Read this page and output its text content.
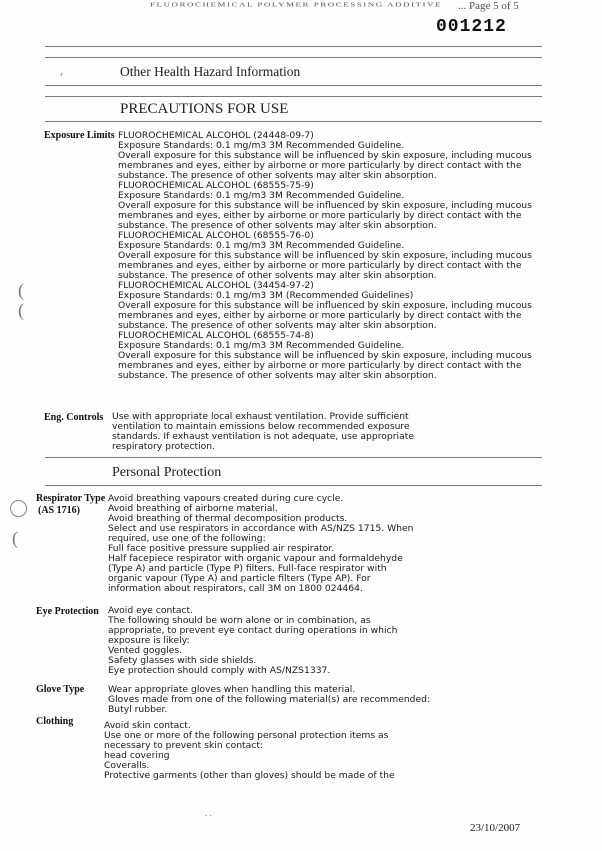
FLUOROCHEMICAL POLYMER PROCESSING ADDITIVE	... Page 5 of 5
001212
,	Other Health Hazard Information
PRECAUTIONS FOR USE
Exposure Limits FLUOROCHEMICAL ALCOHOL (24448-09-7)
Exposure Standards: 0.1 mg/m3 3M Recommended Guideline.
Overall exposure for this substance will be influenced by skin exposure, including mucous
membranes and eyes, either by airborne or more particularly by direct contact with the
substance. The presence of other solvents may alter skin absorption.
FLUOROCHEMICAL ALCOHOL (68555-75-9)
Exposure Standards: 0.1 mg/m3 3M Recommended Guideline.
Overall exposure for this substance will be influenced by skin exposure, including mucous
membranes and eyes, either by airborne or more particularly by direct contact with the
substance. The presence of other solvents may alter skin absorption.
FLUOROCHEMICAL ALCOHOL (68555-76-0)
Exposure Standards: 0.1 mg/m3 3M Recommended Guideline.
Overall exposure for this substance will be influenced by skin exposure, including mucous
membranes and eyes, either by airborne or more particularly by direct contact with the
substance. The presence of other solvents may alter skin absorption.
FLUOROCHEMICAL ALCOHOL (34454-97-2)
Exposure Standards: 0.1 mg/m3 3M (Recommended Guidelines)
Overall exposure for this substance will be influenced by skin exposure, including mucous
membranes and eyes, either by airborne or more particularly by direct contact with the
substance. The presence of other solvents may alter skin absorption.
FLUOROCHEMICAL ALCOHOL (68555-74-8)
Exposure Standards: 0.1 mg/m3 3M Recommended Guideline.
Overall exposure for this substance will be influenced by skin exposure, including mucous
membranes and eyes, either by airborne or more particularly by direct contact with the
substance. The presence of other solvents may alter skin absorption.
(
(
Eng. Controls Use with appropriate local exhaust ventilation. Provide sufficient
ventilation to maintain emissions below recommended exposure
standards. If exhaust ventilation is not adequate, use appropriate
respiratory protection.
Personal Protection
(
Respirator Type
(AS 1716)
Avoid breathing vapours created during cure cycle.
Avoid breathing of airborne material.
Avoid breathing of thermal decomposition products.
Select and use respirators in accordance with AS/NZS 1715. When
required, use one of the following:
Full face positive pressure supplied air respirator.
Half facepiece respirator with organic vapour and formaldehyde
(Type A) and particle (Type P) filters. Full-face respirator with
organic vapour (Type A) and particle filters (Type AP). For
information about respirators, call 3M on 1800 024464.
Eye Protection Avoid eye contact.
The following should be worn alone or in combination, as
appropriate, to prevent eye contact during operations in which
exposure is likely:
Vented goggles.
Safety glasses with side shields.
Eye protection should comply with AS/NZS1337.
Glove Type	Wear appropriate gloves when handling this material.
Gloves made from one of the following material(s) are recommended:
Butyl rubber.
Clothing	Avoid skin contact.
Use one or more of the following personal protection items as
necessary to prevent skin contact:
head covering
Coveralls.
Protective garments (other than gloves) should be made of the
. .
23/10/2007
